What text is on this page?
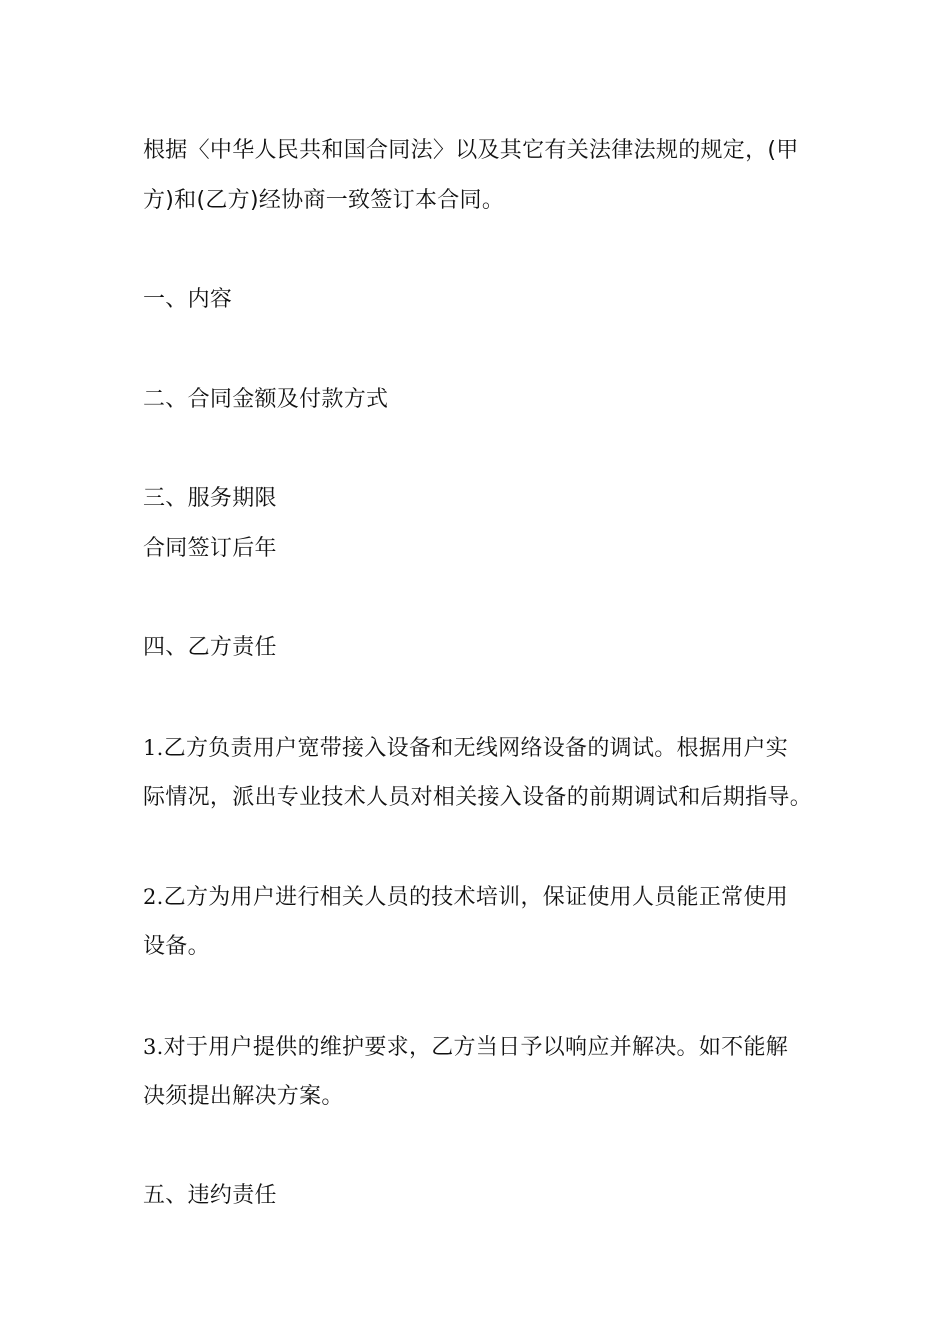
根据〈中华人民共和国合同法〉以及其它有关法律法规的规定，(甲
方)和(乙方)经协商一致签订本合同。
一、内容
二、合同金额及付款方式
三、服务期限
合同签订后年
四、乙方责任
1.乙方负责用户宽带接入设备和无线网络设备的调试。根据用户实
际情况，派出专业技术人员对相关接入设备的前期调试和后期指导。
2.乙方为用户进行相关人员的技术培训，保证使用人员能正常使用
设备。
3.对于用户提供的维护要求，乙方当日予以响应并解决。如不能解
决须提出解决方案。
五、违约责任
